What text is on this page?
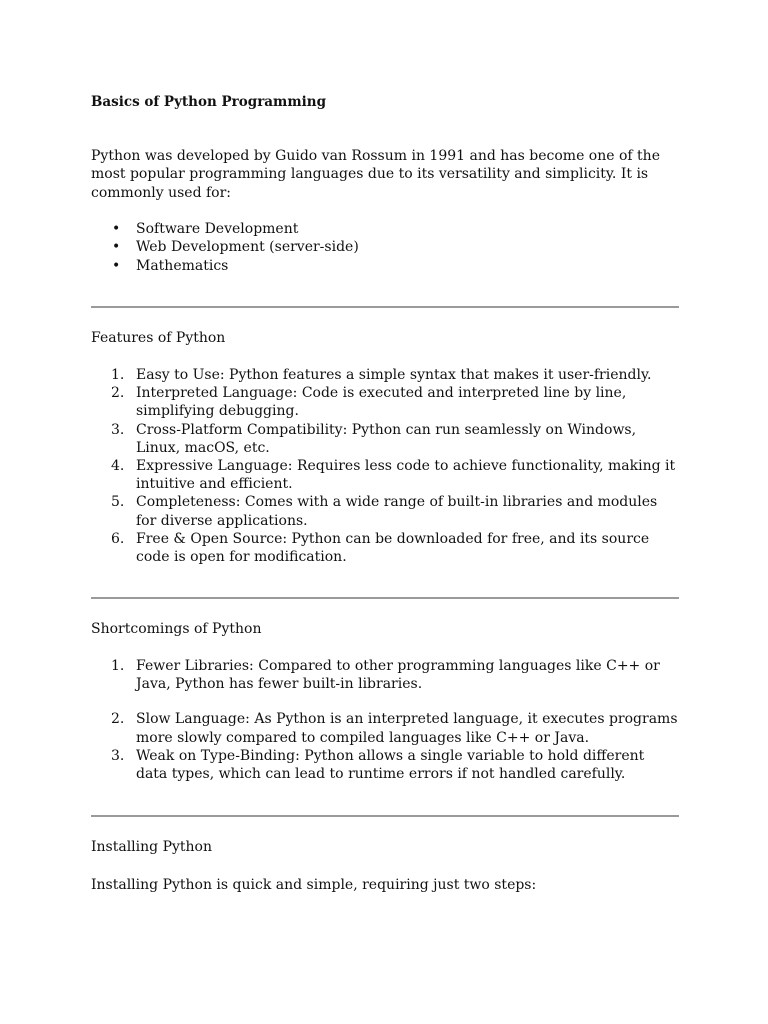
Basics of Python Programming

Python was developed by Guido van Rossum in 1991 and has become one of the most popular programming languages due to its versatility and simplicity. It is commonly used for:

• Software Development
• Web Development (server-side)
• Mathematics
Features of Python
1. Easy to Use: Python features a simple syntax that makes it user-friendly.
2. Interpreted Language: Code is executed and interpreted line by line, simplifying debugging.
3. Cross-Platform Compatibility: Python can run seamlessly on Windows, Linux, macOS, etc.
4. Expressive Language: Requires less code to achieve functionality, making it intuitive and efficient.
5. Completeness: Comes with a wide range of built-in libraries and modules for diverse applications.
6. Free & Open Source: Python can be downloaded for free, and its source code is open for modification.
Shortcomings of Python
1. Fewer Libraries: Compared to other programming languages like C++ or Java, Python has fewer built-in libraries.
2. Slow Language: As Python is an interpreted language, it executes programs more slowly compared to compiled languages like C++ or Java.
3. Weak on Type-Binding: Python allows a single variable to hold different data types, which can lead to runtime errors if not handled carefully.
Installing Python

Installing Python is quick and simple, requiring just two steps:
